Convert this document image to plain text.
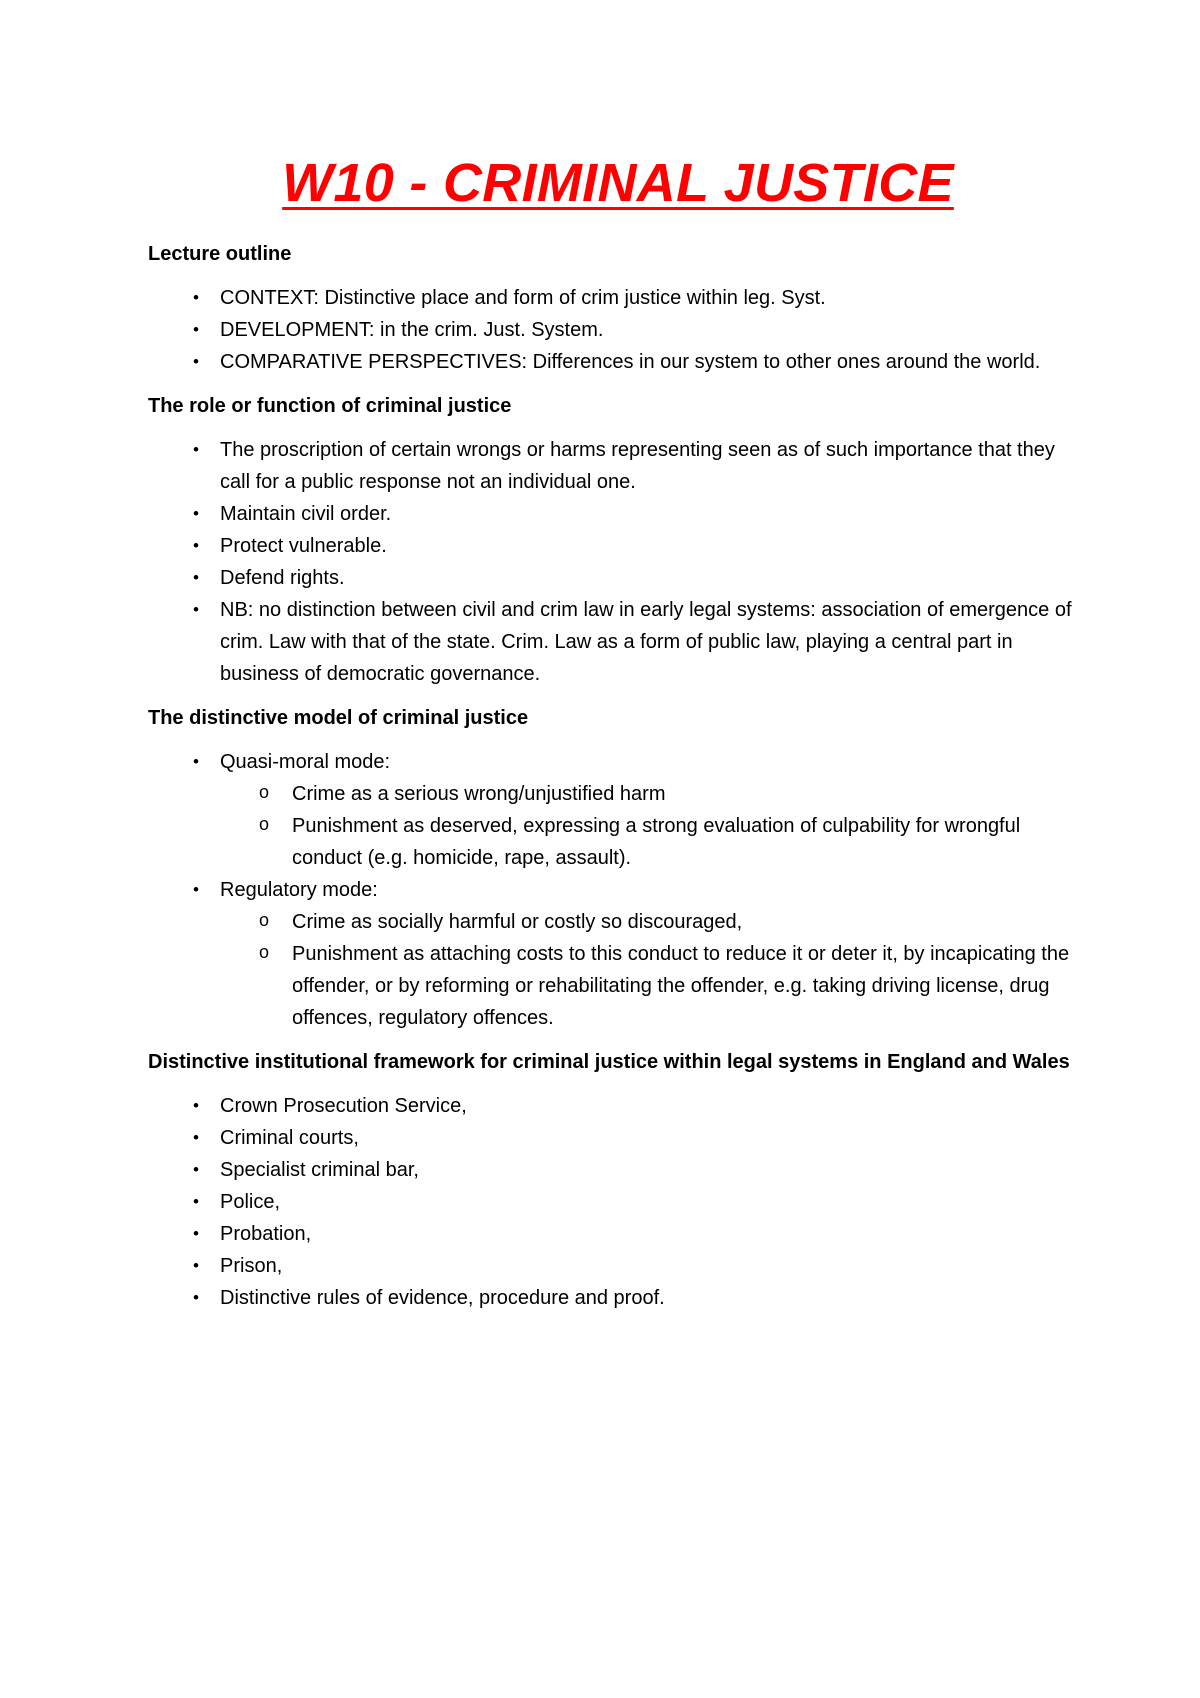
W10 - CRIMINAL JUSTICE
Lecture outline
• CONTEXT: Distinctive place and form of crim justice within leg. Syst.
• DEVELOPMENT: in the crim. Just. System.
• COMPARATIVE PERSPECTIVES: Differences in our system to other ones around the world.
The role or function of criminal justice
• The proscription of certain wrongs or harms representing seen as of such importance that they call for a public response not an individual one.
• Maintain civil order.
• Protect vulnerable.
• Defend rights.
• NB: no distinction between civil and crim law in early legal systems: association of emergence of crim. Law with that of the state. Crim. Law as a form of public law, playing a central part in business of democratic governance.
The distinctive model of criminal justice
• Quasi-moral mode:
o Crime as a serious wrong/unjustified harm
o Punishment as deserved, expressing a strong evaluation of culpability for wrongful conduct (e.g. homicide, rape, assault).
• Regulatory mode:
o Crime as socially harmful or costly so discouraged,
o Punishment as attaching costs to this conduct to reduce it or deter it, by incapicating the offender, or by reforming or rehabilitating the offender, e.g. taking driving license, drug offences, regulatory offences.
Distinctive institutional framework for criminal justice within legal systems in England and Wales
• Crown Prosecution Service,
• Criminal courts,
• Specialist criminal bar,
• Police,
• Probation,
• Prison,
• Distinctive rules of evidence, procedure and proof.
